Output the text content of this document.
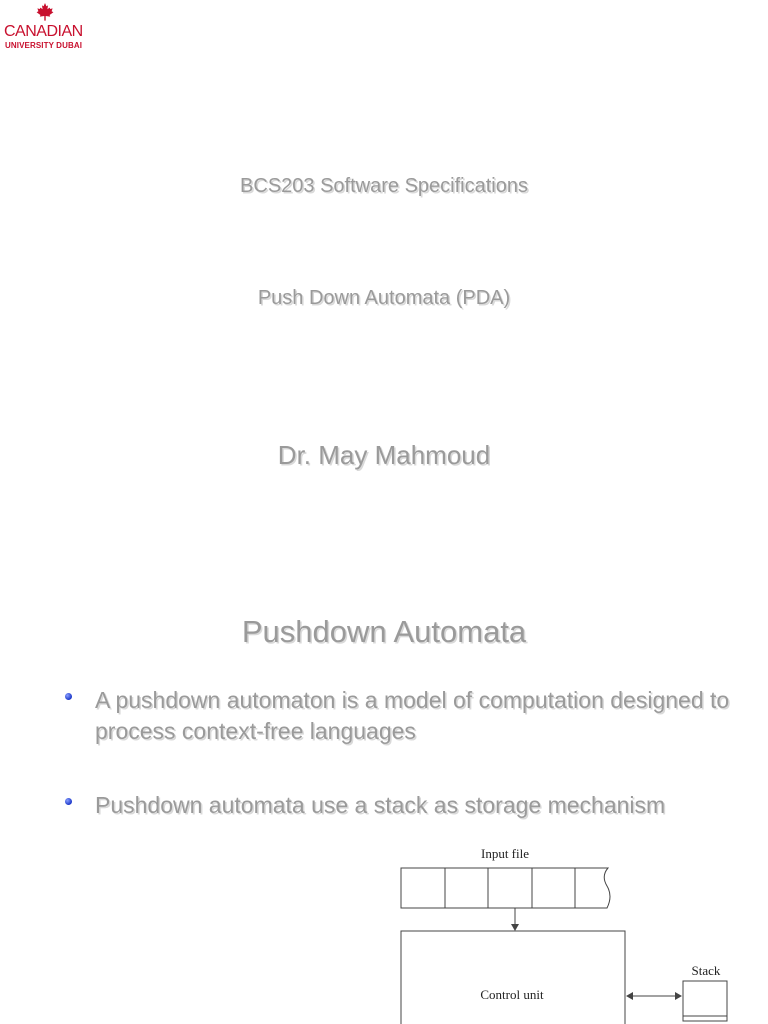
CANADIAN
UNIVERSITY DUBAI
BCS203 Software Specifications
Push Down Automata (PDA)
Dr. May Mahmoud
Pushdown Automata
A pushdown automaton is a model of computation designed to process context-free languages
Pushdown automata use a stack as storage mechanism
Input file
Control unit
Stack
